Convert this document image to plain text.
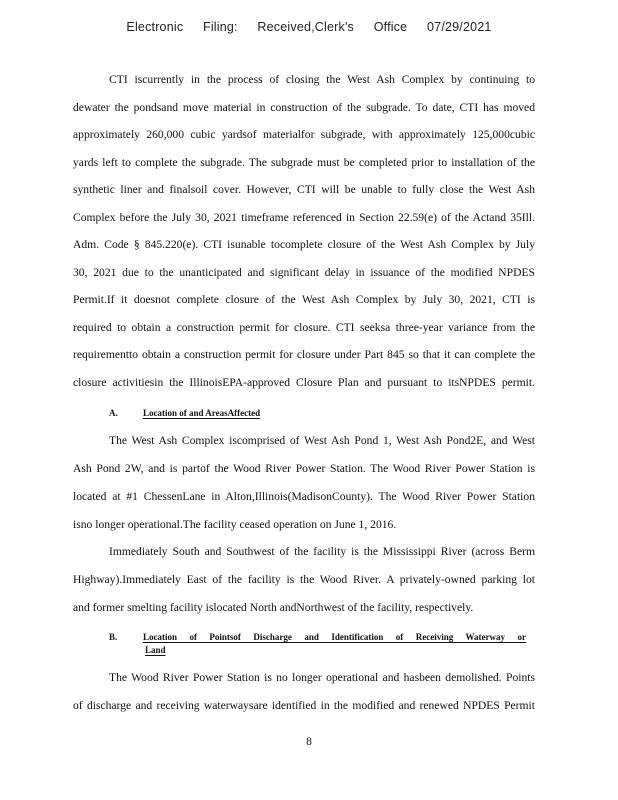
Electronic Filing: Received,Clerk's Office 07/29/2021
CTI iscurrently in the process of closing the West Ash Complex by continuing to
dewater the pondsand move material in construction of the subgrade. To date, CTI has moved
approximately 260,000 cubic yardsof materialfor subgrade, with approximately 125,000cubic
yards left to complete the subgrade. The subgrade must be completed prior to installation of the
synthetic liner and finalsoil cover. However, CTI will be unable to fully close the West Ash
Complex before the July 30, 2021 timeframe referenced in Section 22.59(e) of the Actand 35Ill.
Adm. Code § 845.220(e). CTI isunable tocomplete closure of the West Ash Complex by July
30, 2021 due to the unanticipated and significant delay in issuance of the modified NPDES
Permit.If it doesnot complete closure of the West Ash Complex by July 30, 2021, CTI is
required to obtain a construction permit for closure. CTI seeksa three-year variance from the
requirementto obtain a construction permit for closure under Part 845 so that it can complete the
closure activitiesin the IllinoisEPA-approved Closure Plan and pursuant to itsNPDES permit.
A.	Location of and AreasAffected
The West Ash Complex iscomprised of West Ash Pond 1, West Ash Pond2E, and West
Ash Pond 2W, and is partof the Wood River Power Station. The Wood River Power Station is
located at #1 ChessenLane in Alton,Illinois(MadisonCounty). The Wood River Power Station
isno longer operational.The facility ceased operation on June 1, 2016.
Immediately South and Southwest of the facility is the Mississippi River (across Berm
Highway).Immediately East of the facility is the Wood River. A privately-owned parking lot
and former smelting facility islocated North andNorthwest of the facility, respectively.
B.	Location of Pointsof Discharge and Identification of Receiving Waterway or
Land
The Wood River Power Station is no longer operational and hasbeen demolished. Points
of discharge and receiving waterwaysare identified in the modified and renewed NPDES Permit
8
